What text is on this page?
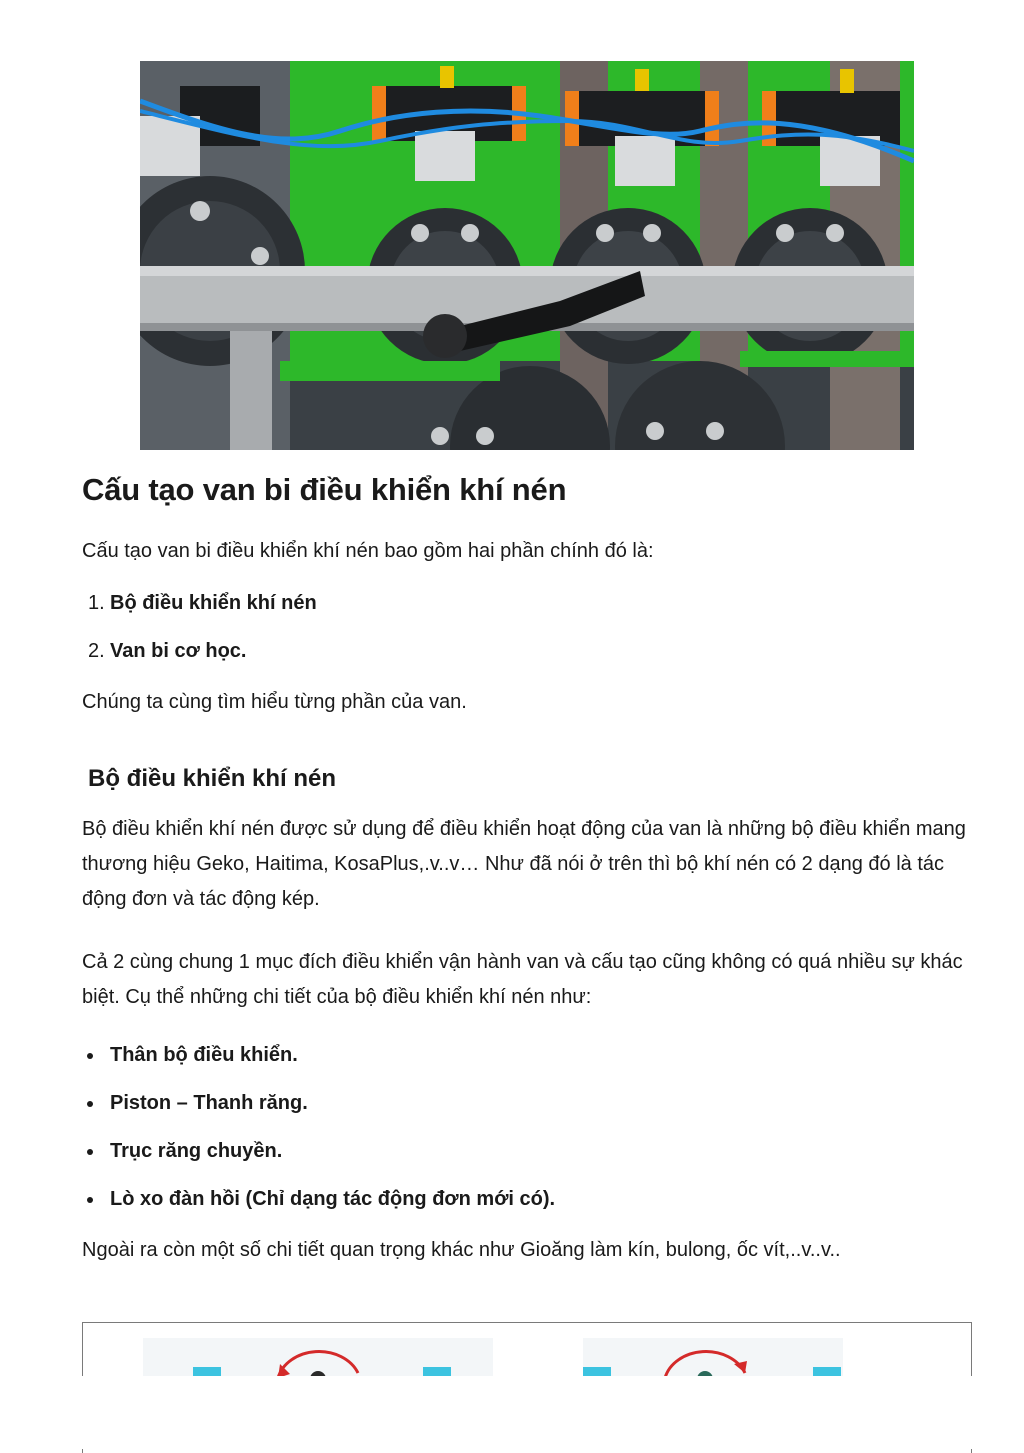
Cấu tạo van bi điều khiển khí nén

Cấu tạo van bi điều khiển khí nén bao gồm hai phần chính đó là:

1. Bộ điều khiển khí nén
2. Van bi cơ học.

Chúng ta cùng tìm hiểu từng phần của van.

Bộ điều khiển khí nén

Bộ điều khiển khí nén được sử dụng để điều khiển hoạt động của van là những bộ điều khiển mang thương hiệu Geko, Haitima, KosaPlus,.v..v… Như đã nói ở trên thì bộ khí nén có 2 dạng đó là tác động đơn và tác động kép.

Cả 2 cùng chung 1 mục đích điều khiển vận hành van và cấu tạo cũng không có quá nhiều sự khác biệt. Cụ thể những chi tiết của bộ điều khiển khí nén như:

Thân bộ điều khiển.
Piston – Thanh răng.
Trục răng chuyền.
Lò xo đàn hồi (Chỉ dạng tác động đơn mới có).

Ngoài ra còn một số chi tiết quan trọng khác như Gioăng làm kín, bulong, ốc vít,..v..v..
